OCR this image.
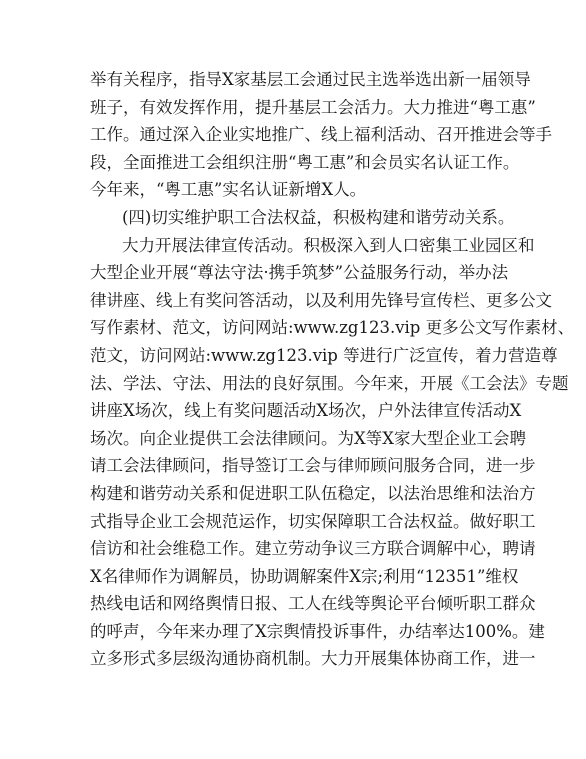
举有关程序，指导X家基层工会通过民主选举选出新一届领导
班子，有效发挥作用，提升基层工会活力。大力推进“粤工惠”
工作。通过深入企业实地推广、线上福利活动、召开推进会等手
段，全面推进工会组织注册“粤工惠”和会员实名认证工作。
今年来，“粤工惠”实名认证新增X人。
(四)切实维护职工合法权益，积极构建和谐劳动关系。
大力开展法律宣传活动。积极深入到人口密集工业园区和
大型企业开展“尊法守法·携手筑梦”公益服务行动，举办法
律讲座、线上有奖问答活动，以及利用先锋号宣传栏、更多公文
写作素材、范文，访问网站:www.zg123.vip 更多公文写作素材、
范文，访问网站:www.zg123.vip 等进行广泛宣传，着力营造尊
法、学法、守法、用法的良好氛围。今年来，开展《工会法》专题
讲座X场次，线上有奖问题活动X场次，户外法律宣传活动X
场次。向企业提供工会法律顾问。为X等X家大型企业工会聘
请工会法律顾问，指导签订工会与律师顾问服务合同，进一步
构建和谐劳动关系和促进职工队伍稳定，以法治思维和法治方
式指导企业工会规范运作，切实保障职工合法权益。做好职工
信访和社会维稳工作。建立劳动争议三方联合调解中心，聘请
X名律师作为调解员，协助调解案件X宗;利用“12351”维权
热线电话和网络舆情日报、工人在线等舆论平台倾听职工群众
的呼声，今年来办理了X宗舆情投诉事件，办结率达100%。建
立多形式多层级沟通协商机制。大力开展集体协商工作，进一
